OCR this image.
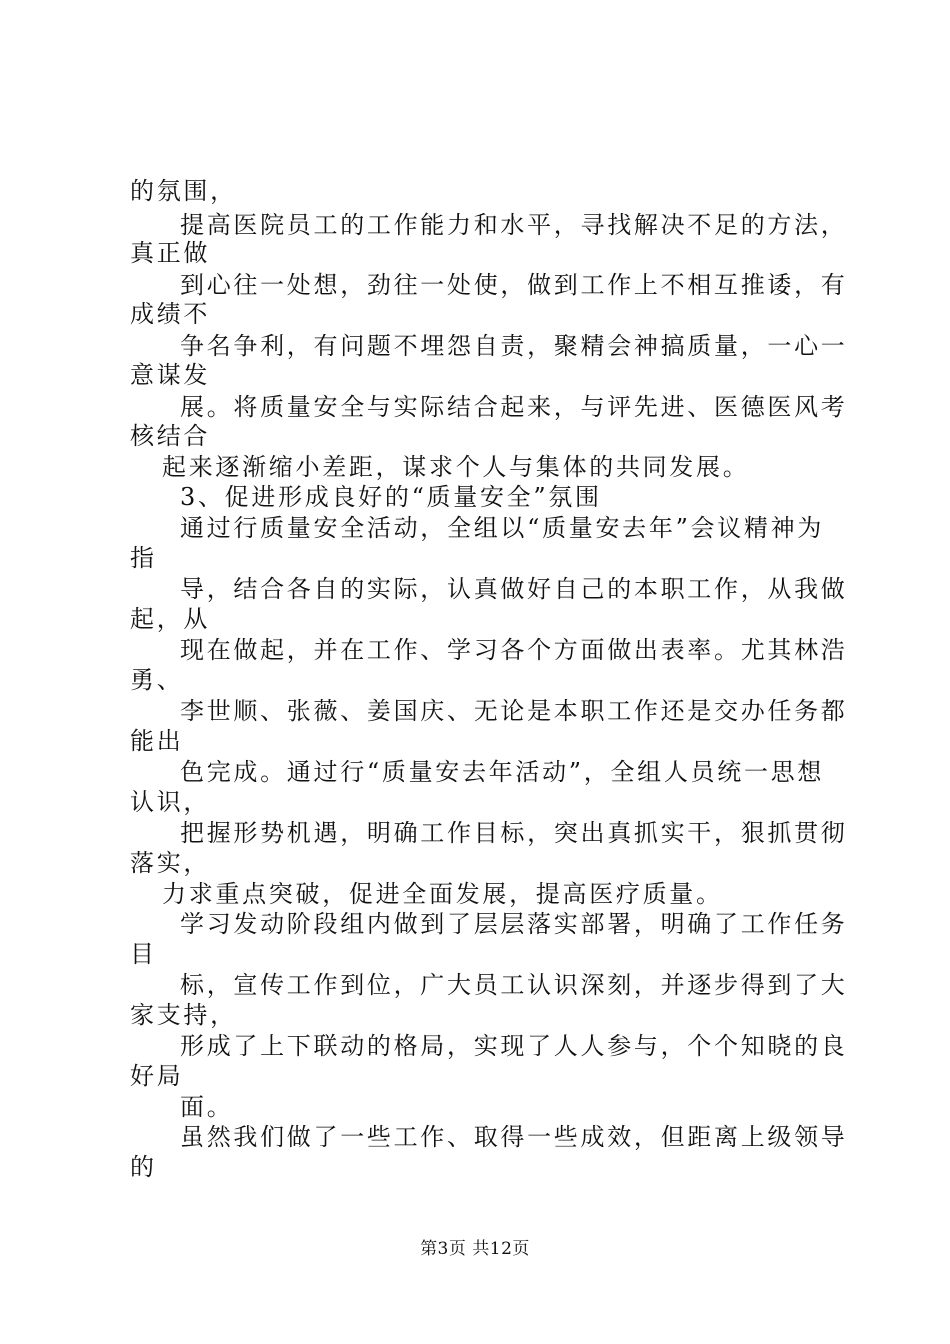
的氛围，
提高医院员工的工作能力和水平，寻找解决不足的方法，
真正做
到心往一处想，劲往一处使，做到工作上不相互推诿，有
成绩不
争名争利，有问题不埋怨自责，聚精会神搞质量，一心一
意谋发
展。将质量安全与实际结合起来，与评先进、医德医风考
核结合
起来逐渐缩小差距，谋求个人与集体的共同发展。
3、促进形成良好的“质量安全”氛围
通过行质量安全活动，全组以“质量安去年”会议精神为
指
导，结合各自的实际，认真做好自己的本职工作，从我做
起，从
现在做起，并在工作、学习各个方面做出表率。尤其林浩
勇、
李世顺、张薇、姜国庆、无论是本职工作还是交办任务都
能出
色完成。通过行“质量安去年活动”，全组人员统一思想
认识，
把握形势机遇，明确工作目标，突出真抓实干，狠抓贯彻
落实，
力求重点突破，促进全面发展，提高医疗质量。
学习发动阶段组内做到了层层落实部署，明确了工作任务
目
标，宣传工作到位，广大员工认识深刻，并逐步得到了大
家支持，
形成了上下联动的格局，实现了人人参与，个个知晓的良
好局
面。
虽然我们做了一些工作、取得一些成效，但距离上级领导
的
第3页 共12页
